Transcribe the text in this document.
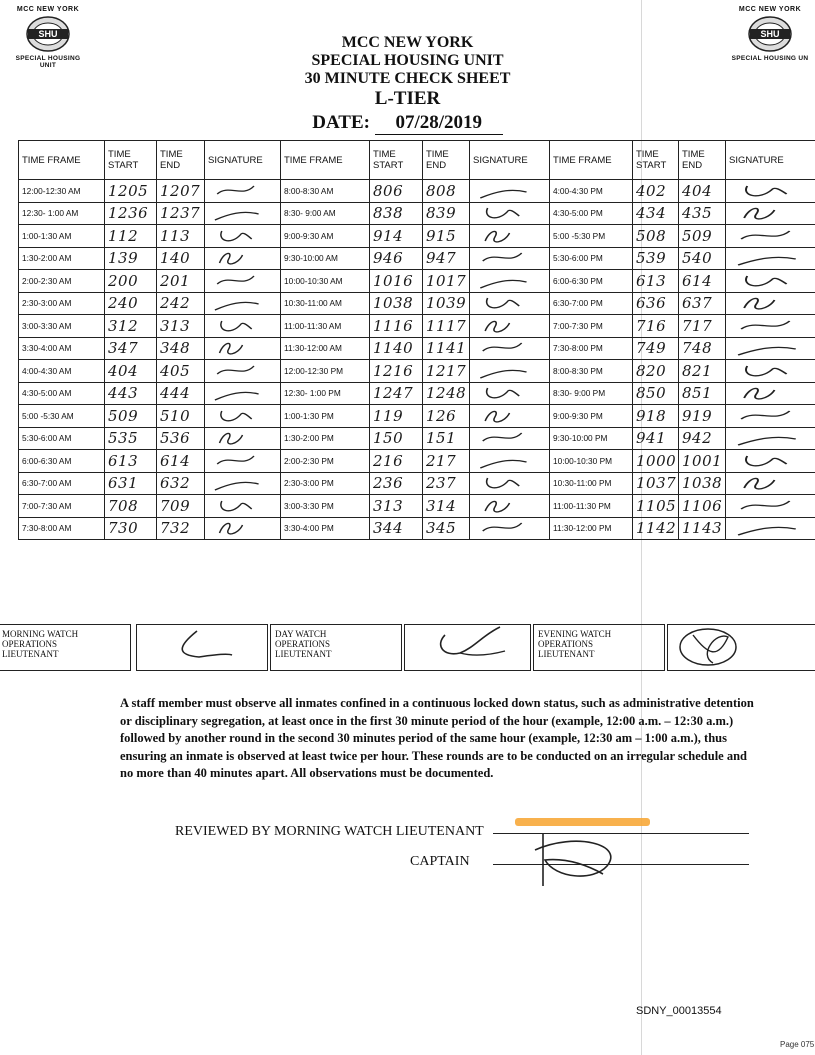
MCC NEW YORK
SHU
SPECIAL HOUSING UNIT
MCC NEW YORK
SHU
SPECIAL HOUSING UN
MCC NEW YORK
SPECIAL HOUSING UNIT
30 MINUTE CHECK SHEET
L-TIER
DATE: 07/28/2019
TIME FRAME	TIME START	TIME END	SIGNATURE	TIME FRAME	TIME START	TIME END	SIGNATURE	TIME FRAME	TIME START	TIME END	SIGNATURE
12:00-12:30 AM	1205	1207		8:00-8:30 AM	806	808		4:00-4:30 PM	402	404	

12:30- 1:00 AM	1236	1237		8:30- 9:00 AM	838	839		4:30-5:00 PM	434	435	

1:00-1:30 AM	112	113		9:00-9:30 AM	914	915		5:00 -5:30 PM	508	509	

1:30-2:00 AM	139	140		9:30-10:00 AM	946	947		5:30-6:00 PM	539	540	

2:00-2:30 AM	200	201		10:00-10:30 AM	1016	1017		6:00-6:30 PM	613	614	

2:30-3:00 AM	240	242		10:30-11:00 AM	1038	1039		6:30-7:00 PM	636	637	

3:00-3:30 AM	312	313		11:00-11:30 AM	1116	1117		7:00-7:30 PM	716	717	

3:30-4:00 AM	347	348		11:30-12:00 AM	1140	1141		7:30-8:00 PM	749	748	

4:00-4:30 AM	404	405		12:00-12:30 PM	1216	1217		8:00-8:30 PM	820	821	

4:30-5:00 AM	443	444		12:30- 1:00 PM	1247	1248		8:30- 9:00 PM	850	851	

5:00 -5:30 AM	509	510		1:00-1:30 PM	119	126		9:00-9:30 PM	918	919	

5:30-6:00 AM	535	536		1:30-2:00 PM	150	151		9:30-10:00 PM	941	942	

6:00-6:30 AM	613	614		2:00-2:30 PM	216	217		10:00-10:30 PM	1000	1001	

6:30-7:00 AM	631	632		2:30-3:00 PM	236	237		10:30-11:00 PM	1037	1038	

7:00-7:30 AM	708	709		3:00-3:30 PM	313	314		11:00-11:30 PM	1105	1106	

7:30-8:00 AM	730	732		3:30-4:00 PM	344	345		11:30-12:00 PM	1142	1143	
MORNING WATCH
OPERATIONS
LIEUTENANT
DAY WATCH
OPERATIONS
LIEUTENANT
EVENING WATCH
OPERATIONS
LIEUTENANT
A staff member must observe all inmates confined in a continuous locked down status, such as administrative detention or disciplinary segregation, at least once in the first 30 minute period of the hour (example, 12:00 a.m. – 12:30 a.m.) followed by another round in the second 30 minutes period of the same hour (example, 12:30 am – 1:00 a.m.), thus ensuring an inmate is observed at least twice per hour. These rounds are to be conducted on an irregular schedule and no more than 40 minutes apart. All observations must be documented.
REVIEWED BY MORNING WATCH LIEUTENANT
CAPTAIN
SDNY_00013554
Page 075
